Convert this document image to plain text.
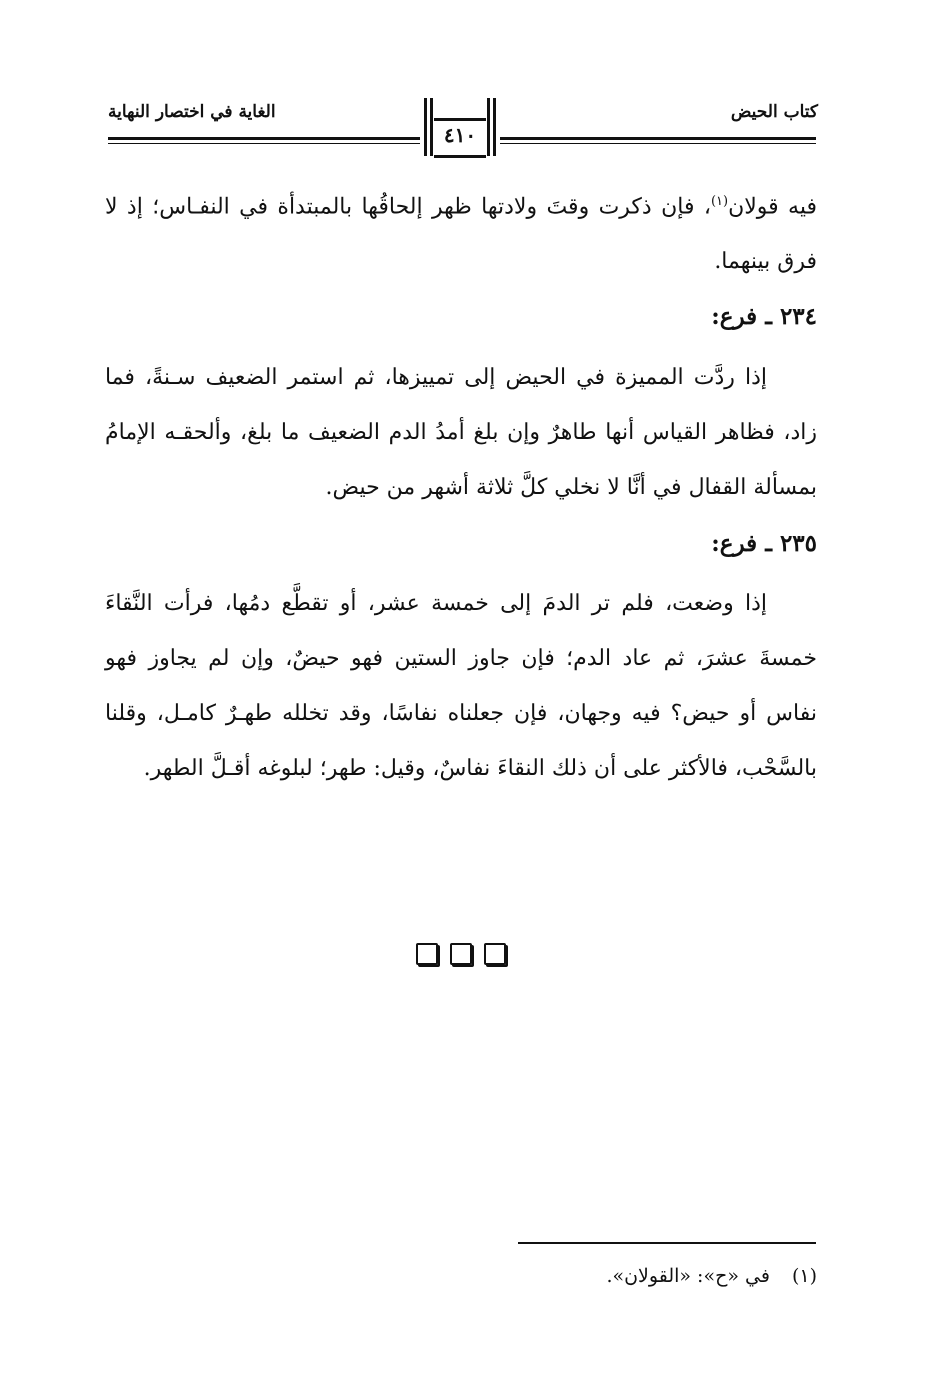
كتاب الحيض
الغاية في اختصار النهاية
٤١٠
فيه قولان$^{(١)}$، فإن ذكرت وقتَ ولادتها ظهر إلحاقُها بالمبتدأة في النفـاس؛ إذ لا فرق بينهما.
٢٣٤ ـ فرع:
إذا ردَّت المميزة في الحيض إلى تمييزها، ثم استمر الضعيف سـنةً، فما زاد، فظاهر القياس أنها طاهرٌ وإن بلغ أمدُ الدم الضعيف ما بلغ، وألحقـه الإمامُ بمسألة القفال في أنَّا لا نخلي كلَّ ثلاثة أشهر من حيض.
٢٣٥ ـ فرع:
إذا وضعت، فلم تر الدمَ إلى خمسة عشر، أو تقطَّع دمُها، فرأت النَّقاءَ خمسةَ عشرَ، ثم عاد الدم؛ فإن جاوز الستين فهو حيضٌ، وإن لم يجاوز فهو نفاس أو حيض؟ فيه وجهان، فإن جعلناه نفاسًا، وقد تخلله طهـرٌ كامـل، وقلنا بالسَّحْب، فالأكثر على أن ذلك النقاءَ نفاسٌ، وقيل: طهر؛ لبلوغه أقـلَّ الطهر.
(١)في «ح»: «القولان».
